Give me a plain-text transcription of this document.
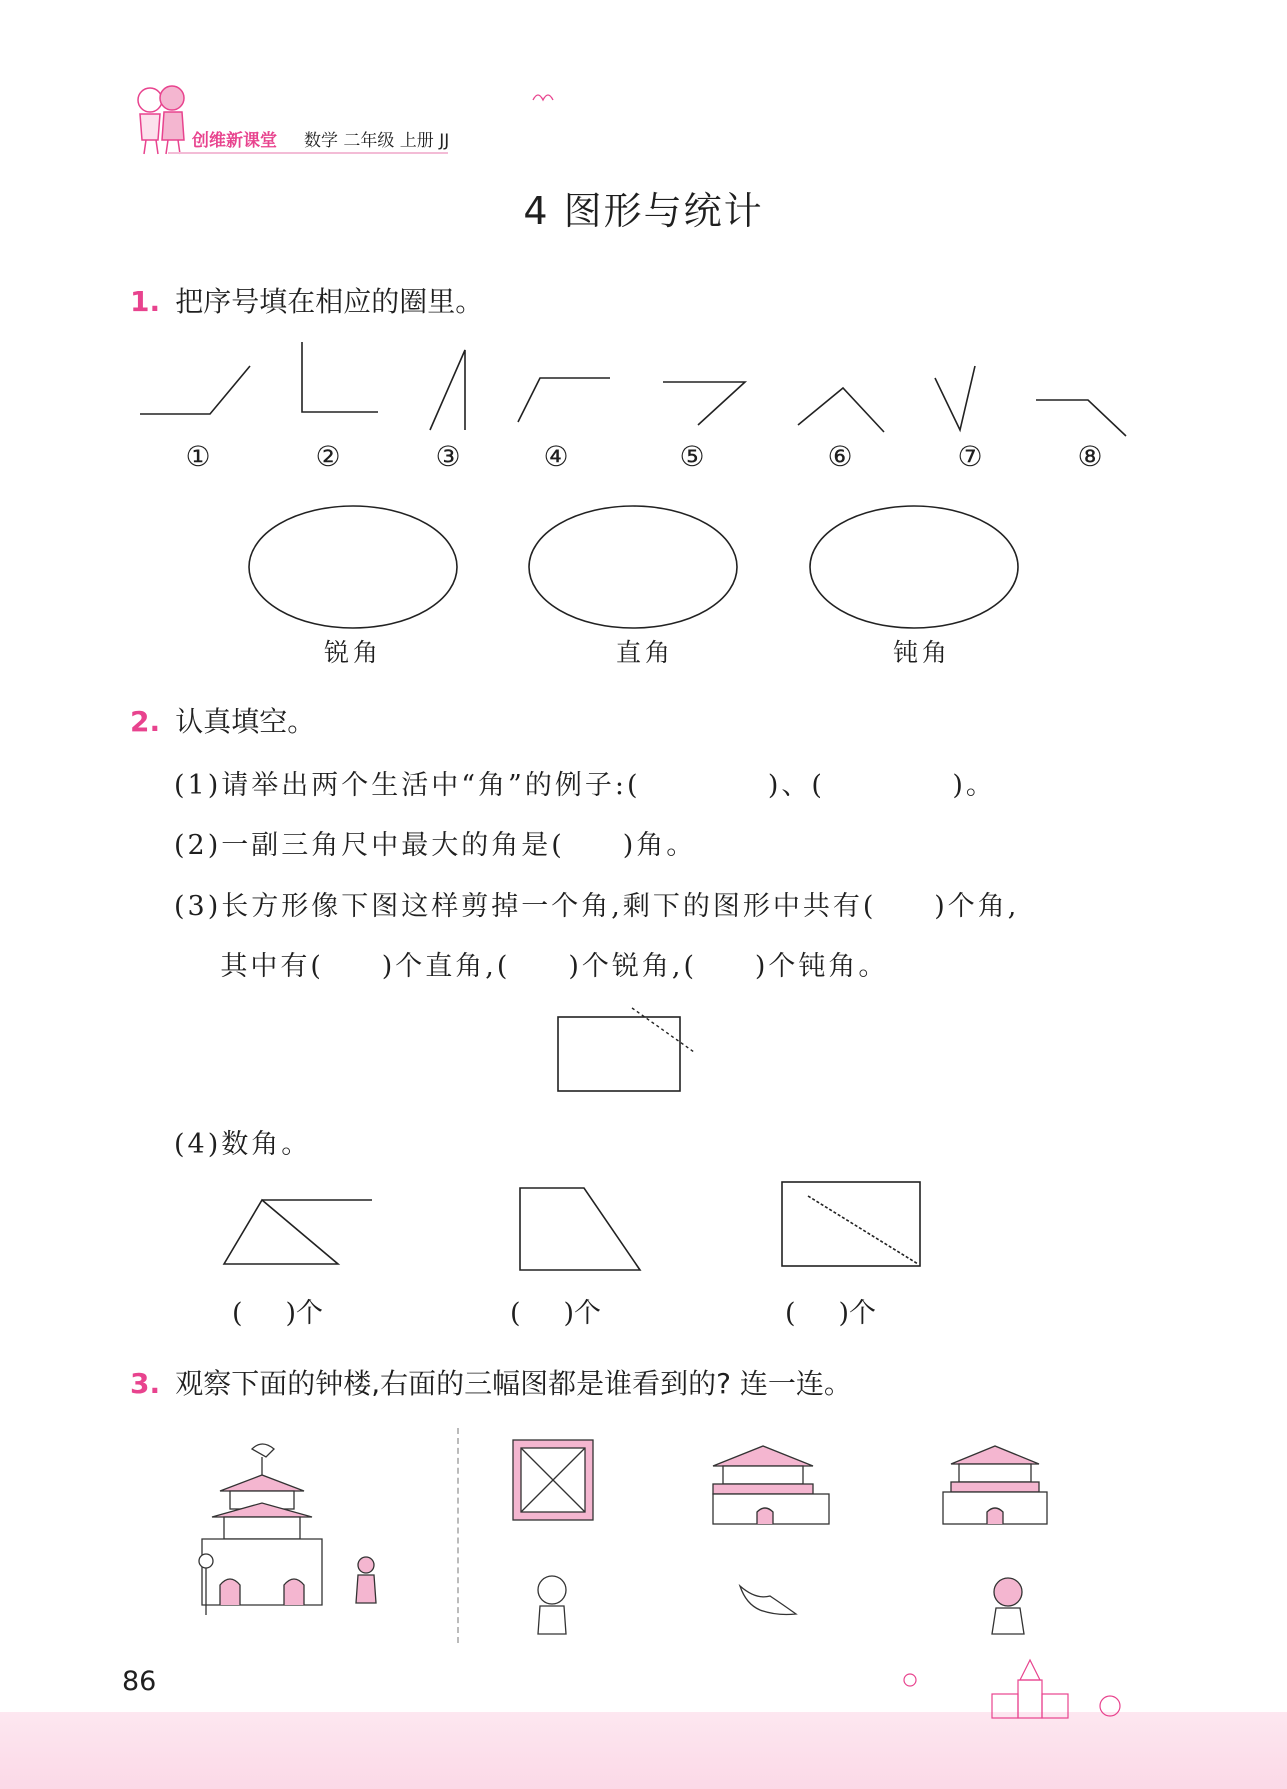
创维新课堂 数学 二年级 上册 JJ
4 图形与统计
1. 把序号填在相应的圈里。
①	②	③	④	⑤	⑥	⑦	⑧
锐角	直角	钝角
2. 认真填空。
(1)请举出两个生活中“角”的例子:(           )、(           )。
(2)一副三角尺中最大的角是(     )角。
(3)长方形像下图这样剪掉一个角,剩下的图形中共有(     )个角,
其中有(     )个直角,(     )个锐角,(     )个钝角。
(4)数角。
(     )个	(     )个	(     )个
3. 观察下面的钟楼,右面的三幅图都是谁看到的? 连一连。
86
